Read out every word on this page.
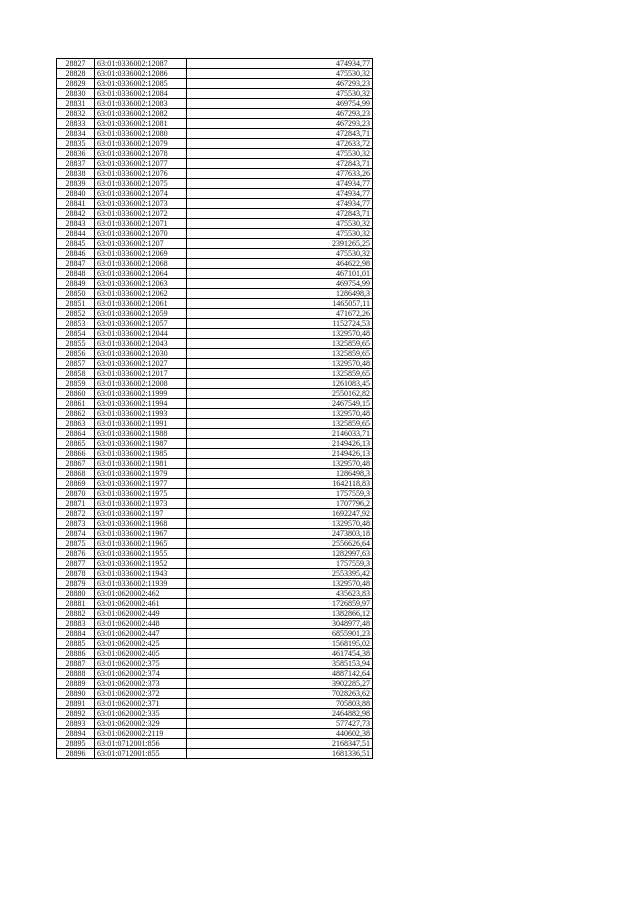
28827	63:01:0336002:12087	474934,77
28828	63:01:0336002:12086	475530,32
28829	63:01:0336002:12085	467293,23
28830	63:01:0336002:12084	475530,32
28831	63:01:0336002:12083	469754,99
28832	63:01:0336002:12082	467293,23
28833	63:01:0336002:12081	467293,23
28834	63:01:0336002:12080	472843,71
28835	63:01:0336002:12079	472633,72
28836	63:01:0336002:12078	475530,32
28837	63:01:0336002:12077	472843,71
28838	63:01:0336002:12076	477633,26
28839	63:01:0336002:12075	474934,77
28840	63:01:0336002:12074	474934,77
28841	63:01:0336002:12073	474934,77
28842	63:01:0336002:12072	472843,71
28843	63:01:0336002:12071	475530,32
28844	63:01:0336002:12070	475530,32
28845	63:01:0336002:1207	2391265,25
28846	63:01:0336002:12069	475530,32
28847	63:01:0336002:12068	464622,98
28848	63:01:0336002:12064	467101,01
28849	63:01:0336002:12063	469754,99
28850	63:01:0336002:12062	1286498,3
28851	63:01:0336002:12061	1465057,11
28852	63:01:0336002:12059	471672,26
28853	63:01:0336002:12057	1152724,53
28854	63:01:0336002:12044	1329570,48
28855	63:01:0336002:12043	1325859,65
28856	63:01:0336002:12030	1325859,65
28857	63:01:0336002:12027	1329570,48
28858	63:01:0336002:12017	1325859,65
28859	63:01:0336002:12008	1261083,45
28860	63:01:0336002:11999	2550162,82
28861	63:01:0336002:11994	2467549,15
28862	63:01:0336002:11993	1329570,48
28863	63:01:0336002:11991	1325859,65
28864	63:01:0336002:11988	2146033,71
28865	63:01:0336002:11987	2149426,13
28866	63:01:0336002:11985	2149426,13
28867	63:01:0336002:11981	1329570,48
28868	63:01:0336002:11979	1286498,3
28869	63:01:0336002:11977	1642118,83
28870	63:01:0336002:11975	1757559,3
28871	63:01:0336002:11973	1707796,2
28872	63:01:0336002:1197	1692247,92
28873	63:01:0336002:11968	1329570,48
28874	63:01:0336002:11967	2473803,18
28875	63:01:0336002:11965	2556626,64
28876	63:01:0336002:11955	1282997,63
28877	63:01:0336002:11952	1757559,3
28878	63:01:0336002:11943	2553395,42
28879	63:01:0336002:11939	1329570,48
28880	63:01:0620002:462	435623,83
28881	63:01:0620002:461	1726859,97
28882	63:01:0620002:449	1382866,12
28883	63:01:0620002:448	3048977,48
28884	63:01:0620002:447	6855901,23
28885	63:01:0620002:425	1568195,02
28886	63:01:0620002:405	4617454,38
28887	63:01:0620002:375	3585153,94
28888	63:01:0620002:374	4887142,64
28889	63:01:0620002:373	3902285,27
28890	63:01:0620002:372	7028263,62
28891	63:01:0620002:371	705803,88
28892	63:01:0620002:335	2464882,98
28893	63:01:0620002:329	577427,73
28894	63:01:0620002:2119	440602,38
28895	63:01:0712001:856	2168347,51
28896	63:01:0712001:855	1681336,51
